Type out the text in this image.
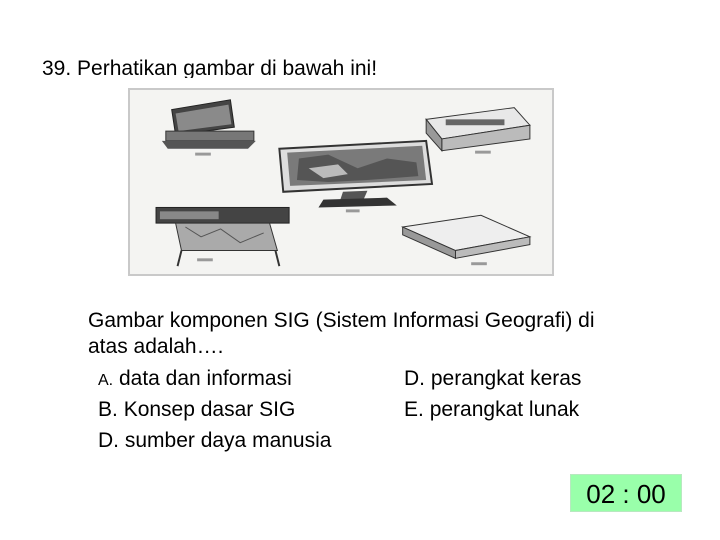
39. Perhatikan gambar di bawah ini!
Gambar komponen SIG (Sistem Informasi Geografi) di atas adalah….
A. data dan informasi
B. Konsep dasar SIG
D. sumber daya manusia
D. perangkat keras
E. perangkat lunak
02 : 00
